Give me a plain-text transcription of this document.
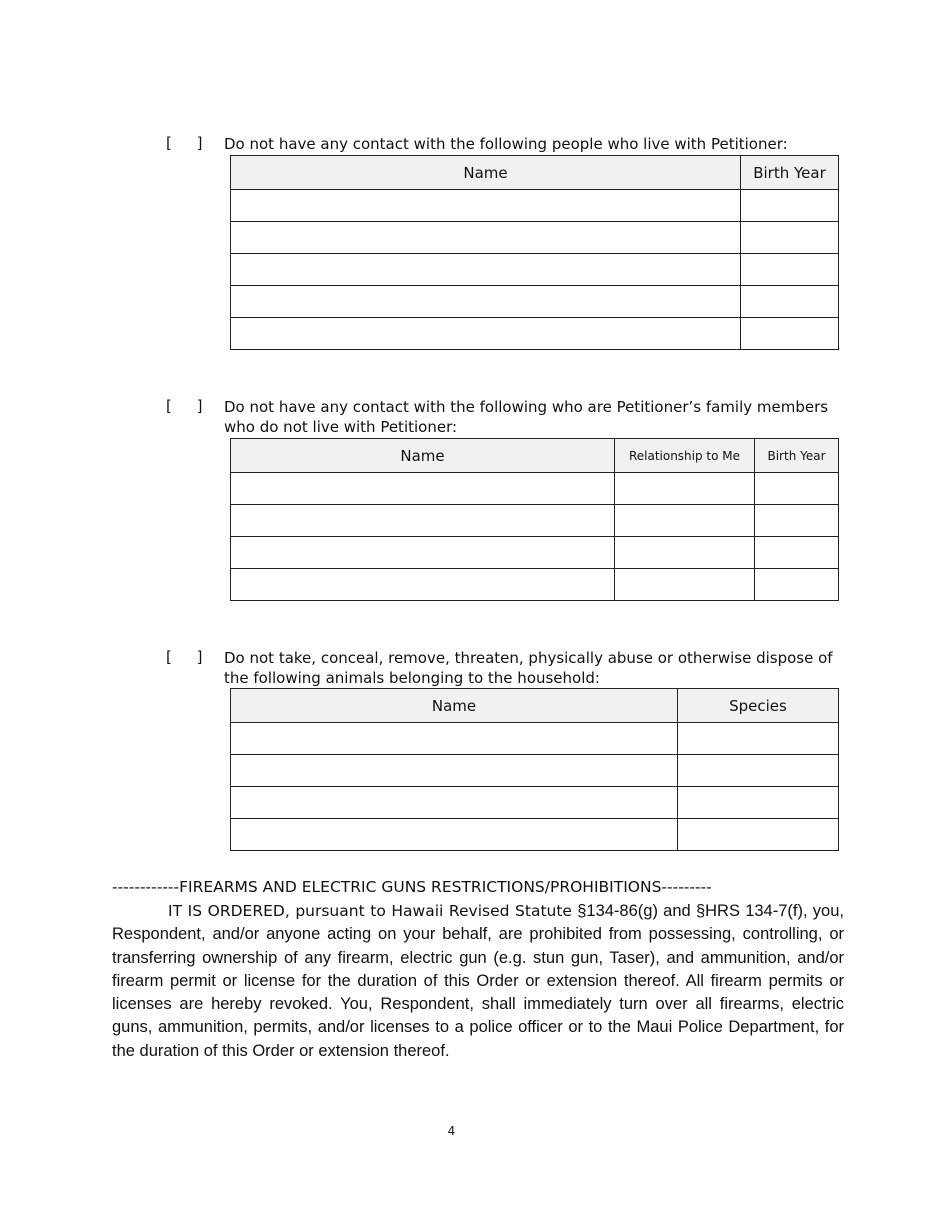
[ ] Do not have any contact with the following people who live with Petitioner:
Name	Birth Year

[ ] Do not have any contact with the following who are Petitioner’s family members who do not live with Petitioner:
Name	Relationship to Me	Birth Year

[ ] Do not take, conceal, remove, threaten, physically abuse or otherwise dispose of the following animals belonging to the household:
Name	Species

------------FIREARMS AND ELECTRIC GUNS RESTRICTIONS/PROHIBITIONS---------
IT IS ORDERED, pursuant to Hawaii Revised Statute §134-86(g) and §HRS 134-7(f), you, Respondent, and/or anyone acting on your behalf, are prohibited from possessing, controlling, or transferring ownership of any firearm, electric gun (e.g. stun gun, Taser), and ammunition, and/or firearm permit or license for the duration of this Order or extension thereof. All firearm permits or licenses are hereby revoked. You, Respondent, shall immediately turn over all firearms, electric guns, ammunition, permits, and/or licenses to a police officer or to the Maui Police Department, for the duration of this Order or extension thereof.
4
